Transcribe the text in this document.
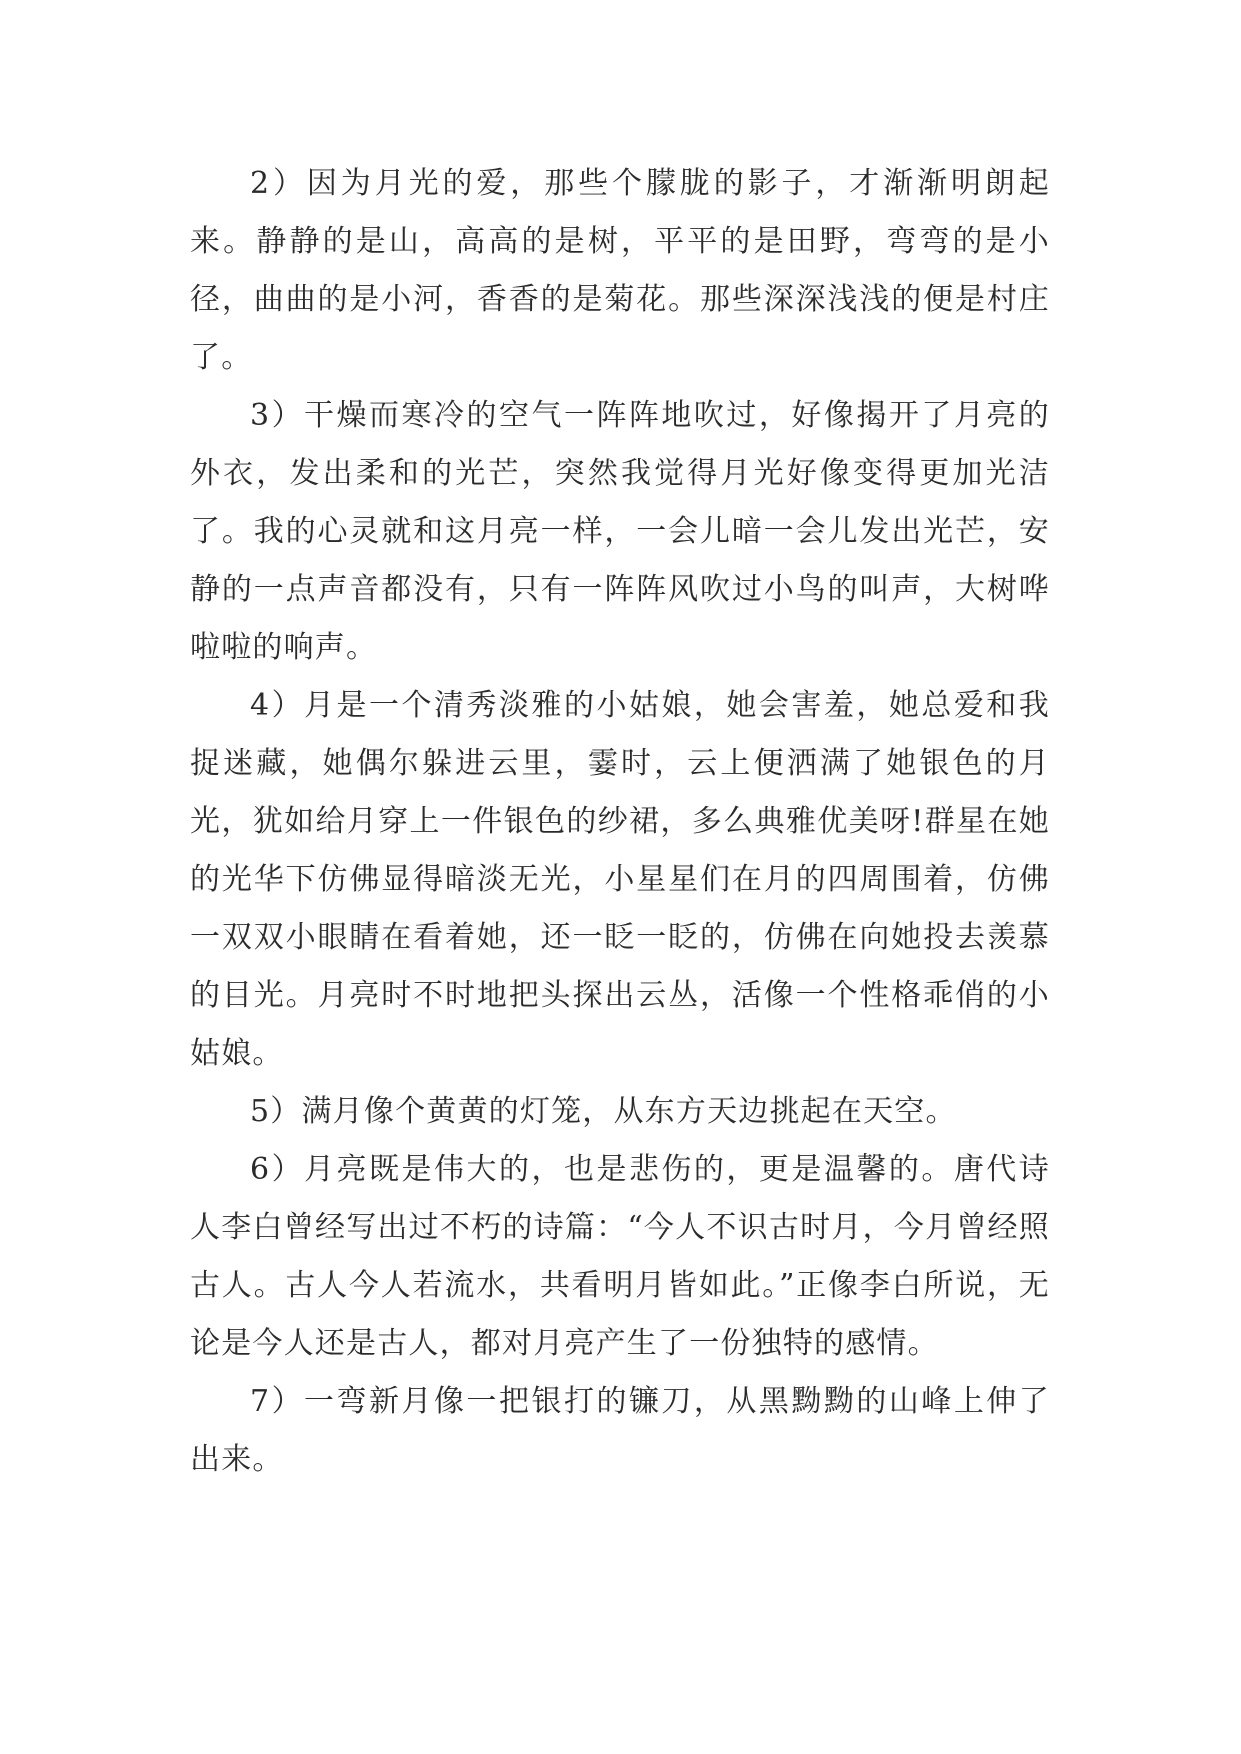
2）因为月光的爱，那些个朦胧的影子，才渐渐明朗起来。静静的是山，高高的是树，平平的是田野，弯弯的是小径，曲曲的是小河，香香的是菊花。那些深深浅浅的便是村庄了。

3）干燥而寒冷的空气一阵阵地吹过，好像揭开了月亮的外衣，发出柔和的光芒，突然我觉得月光好像变得更加光洁了。我的心灵就和这月亮一样，一会儿暗一会儿发出光芒，安静的一点声音都没有，只有一阵阵风吹过小鸟的叫声，大树哗啦啦的响声。

4）月是一个清秀淡雅的小姑娘，她会害羞，她总爱和我捉迷藏，她偶尔躲进云里，霎时，云上便洒满了她银色的月光，犹如给月穿上一件银色的纱裙，多么典雅优美呀!群星在她的光华下仿佛显得暗淡无光，小星星们在月的四周围着，仿佛一双双小眼睛在看着她，还一眨一眨的，仿佛在向她投去羡慕的目光。月亮时不时地把头探出云丛，活像一个性格乖俏的小姑娘。

5）满月像个黄黄的灯笼，从东方天边挑起在天空。

6）月亮既是伟大的，也是悲伤的，更是温馨的。唐代诗人李白曾经写出过不朽的诗篇：“今人不识古时月，今月曾经照古人。古人今人若流水，共看明月皆如此。”正像李白所说，无论是今人还是古人，都对月亮产生了一份独特的感情。

7）一弯新月像一把银打的镰刀，从黑黝黝的山峰上伸了出来。
